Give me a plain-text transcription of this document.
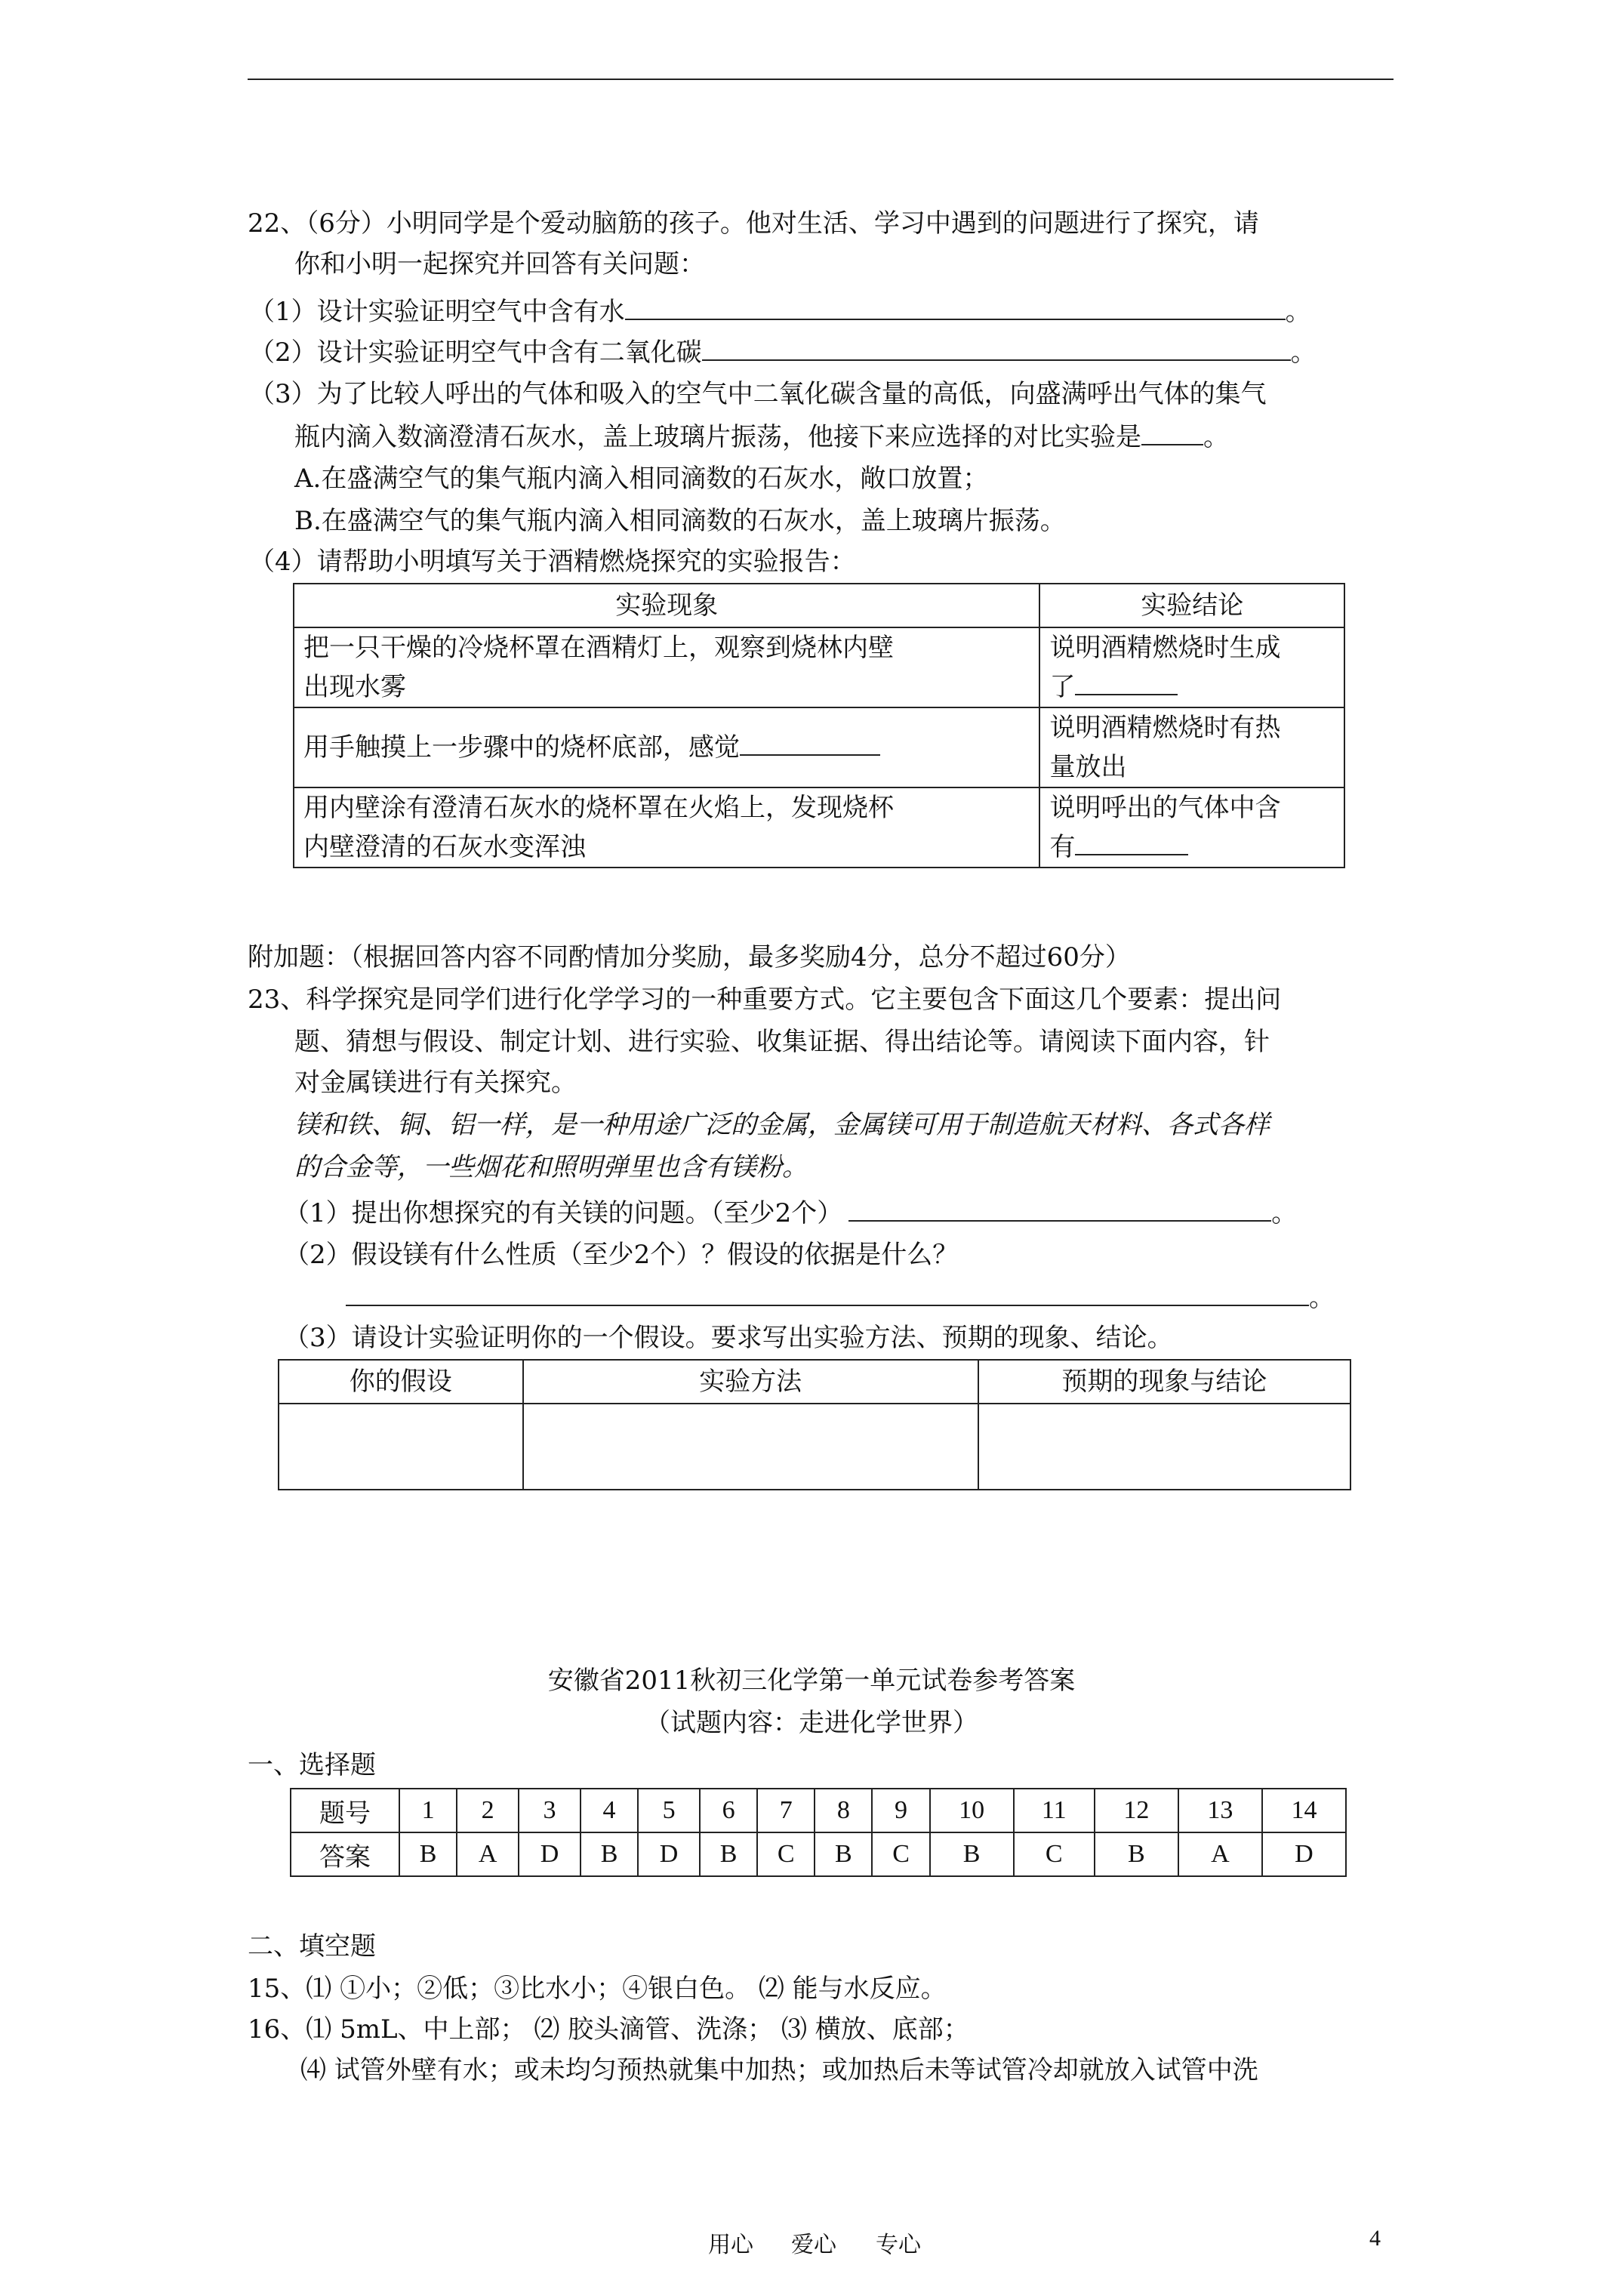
22、（6分）小明同学是个爱动脑筋的孩子。他对生活、学习中遇到的问题进行了探究，请
你和小明一起探究并回答有关问题：
（1）设计实验证明空气中含有水	。
（2）设计实验证明空气中含有二氧化碳	。
（3）为了比较人呼出的气体和吸入的空气中二氧化碳含量的高低，向盛满呼出气体的集气
瓶内滴入数滴澄清石灰水，盖上玻璃片振荡，他接下来应选择的对比实验是 。
A.在盛满空气的集气瓶内滴入相同滴数的石灰水，敞口放置；
B.在盛满空气的集气瓶内滴入相同滴数的石灰水，盖上玻璃片振荡。
（4）请帮助小明填写关于酒精燃烧探究的实验报告：
实验现象	实验结论
把一只干燥的冷烧杯罩在酒精灯上，观察到烧林内壁
出现水雾	说明酒精燃烧时生成
了
用手触摸上一步骤中的烧杯底部，感觉	说明酒精燃烧时有热
量放出
用内壁涂有澄清石灰水的烧杯罩在火焰上，发现烧杯
内壁澄清的石灰水变浑浊	说明呼出的气体中含
有
附加题：（根据回答内容不同酌情加分奖励，最多奖励4分，总分不超过60分）
23、科学探究是同学们进行化学学习的一种重要方式。它主要包含下面这几个要素：提出问
题、猜想与假设、制定计划、进行实验、收集证据、得出结论等。请阅读下面内容，针
对金属镁进行有关探究。
镁和铁、铜、铝一样，是一种用途广泛的金属，金属镁可用于制造航天材料、各式各样
的合金等，一些烟花和照明弹里也含有镁粉。
（1）提出你想探究的有关镁的问题。（至少2个）	。
（2）假设镁有什么性质（至少2个）？假设的依据是什么？
。
（3）请设计实验证明你的一个假设。要求写出实验方法、预期的现象、结论。
你的假设	实验方法	预期的现象与结论

安徽省2011秋初三化学第一单元试卷参考答案
（试题内容：走进化学世界）
一、选择题
题号	1	2	3	4	5	6	7	8	9	10	11	12	13	14
答案	B	A	D	B	D	B	C	B	C	B	C	B	A	D
二、填空题
15、⑴ ①小；②低；③比水小；④银白色。 ⑵ 能与水反应。
16、⑴ 5mL、中上部； ⑵ 胶头滴管、洗涤； ⑶ 横放、底部；
⑷ 试管外壁有水；或未均匀预热就集中加热；或加热后未等试管冷却就放入试管中洗
用心 爱心 专心	4
